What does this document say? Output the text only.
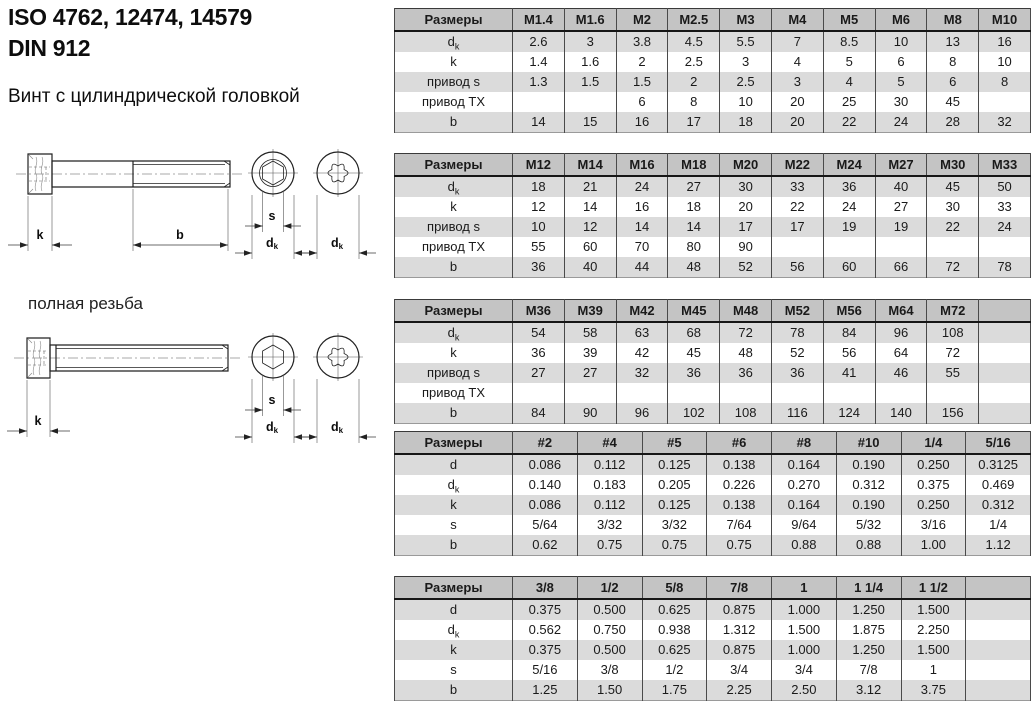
ISO 4762, 12474, 14579
DIN 912
Винт с цилиндрической головкой
полная резьба
k	b
s
dk	dk
k
s
dk	dk
Размеры	M1.4	M1.6	M2	M2.5	M3	M4	M5	M6	M8	M10
$d_k$	2.6	3	3.8	4.5	5.5	7	8.5	10	13	16
k	1.4	1.6	2	2.5	3	4	5	6	8	10
привод s	1.3	1.5	1.5	2	2.5	3	4	5	6	8
привод TX			6	8	10	20	25	30	45	
b	14	15	16	17	18	20	22	24	28	32
Размеры	M12	M14	M16	M18	M20	M22	M24	M27	M30	M33
$d_k$	18	21	24	27	30	33	36	40	45	50
k	12	14	16	18	20	22	24	27	30	33
привод s	10	12	14	14	17	17	19	19	22	24
привод TX	55	60	70	80	90					
b	36	40	44	48	52	56	60	66	72	78
Размеры	M36	M39	M42	M45	M48	M52	M56	M64	M72	
$d_k$	54	58	63	68	72	78	84	96	108	
k	36	39	42	45	48	52	56	64	72	
привод s	27	27	32	36	36	36	41	46	55	
привод TX										
b	84	90	96	102	108	116	124	140	156	
Размеры	#2	#4	#5	#6	#8	#10	1/4	5/16
d	0.086	0.112	0.125	0.138	0.164	0.190	0.250	0.3125
$d_k$	0.140	0.183	0.205	0.226	0.270	0.312	0.375	0.469
k	0.086	0.112	0.125	0.138	0.164	0.190	0.250	0.312
s	5/64	3/32	3/32	7/64	9/64	5/32	3/16	1/4
b	0.62	0.75	0.75	0.75	0.88	0.88	1.00	1.12
Размеры	3/8	1/2	5/8	7/8	1	1 1/4	1 1/2	
d	0.375	0.500	0.625	0.875	1.000	1.250	1.500	
$d_k$	0.562	0.750	0.938	1.312	1.500	1.875	2.250	
k	0.375	0.500	0.625	0.875	1.000	1.250	1.500	
s	5/16	3/8	1/2	3/4	3/4	7/8	1	
b	1.25	1.50	1.75	2.25	2.50	3.12	3.75	
